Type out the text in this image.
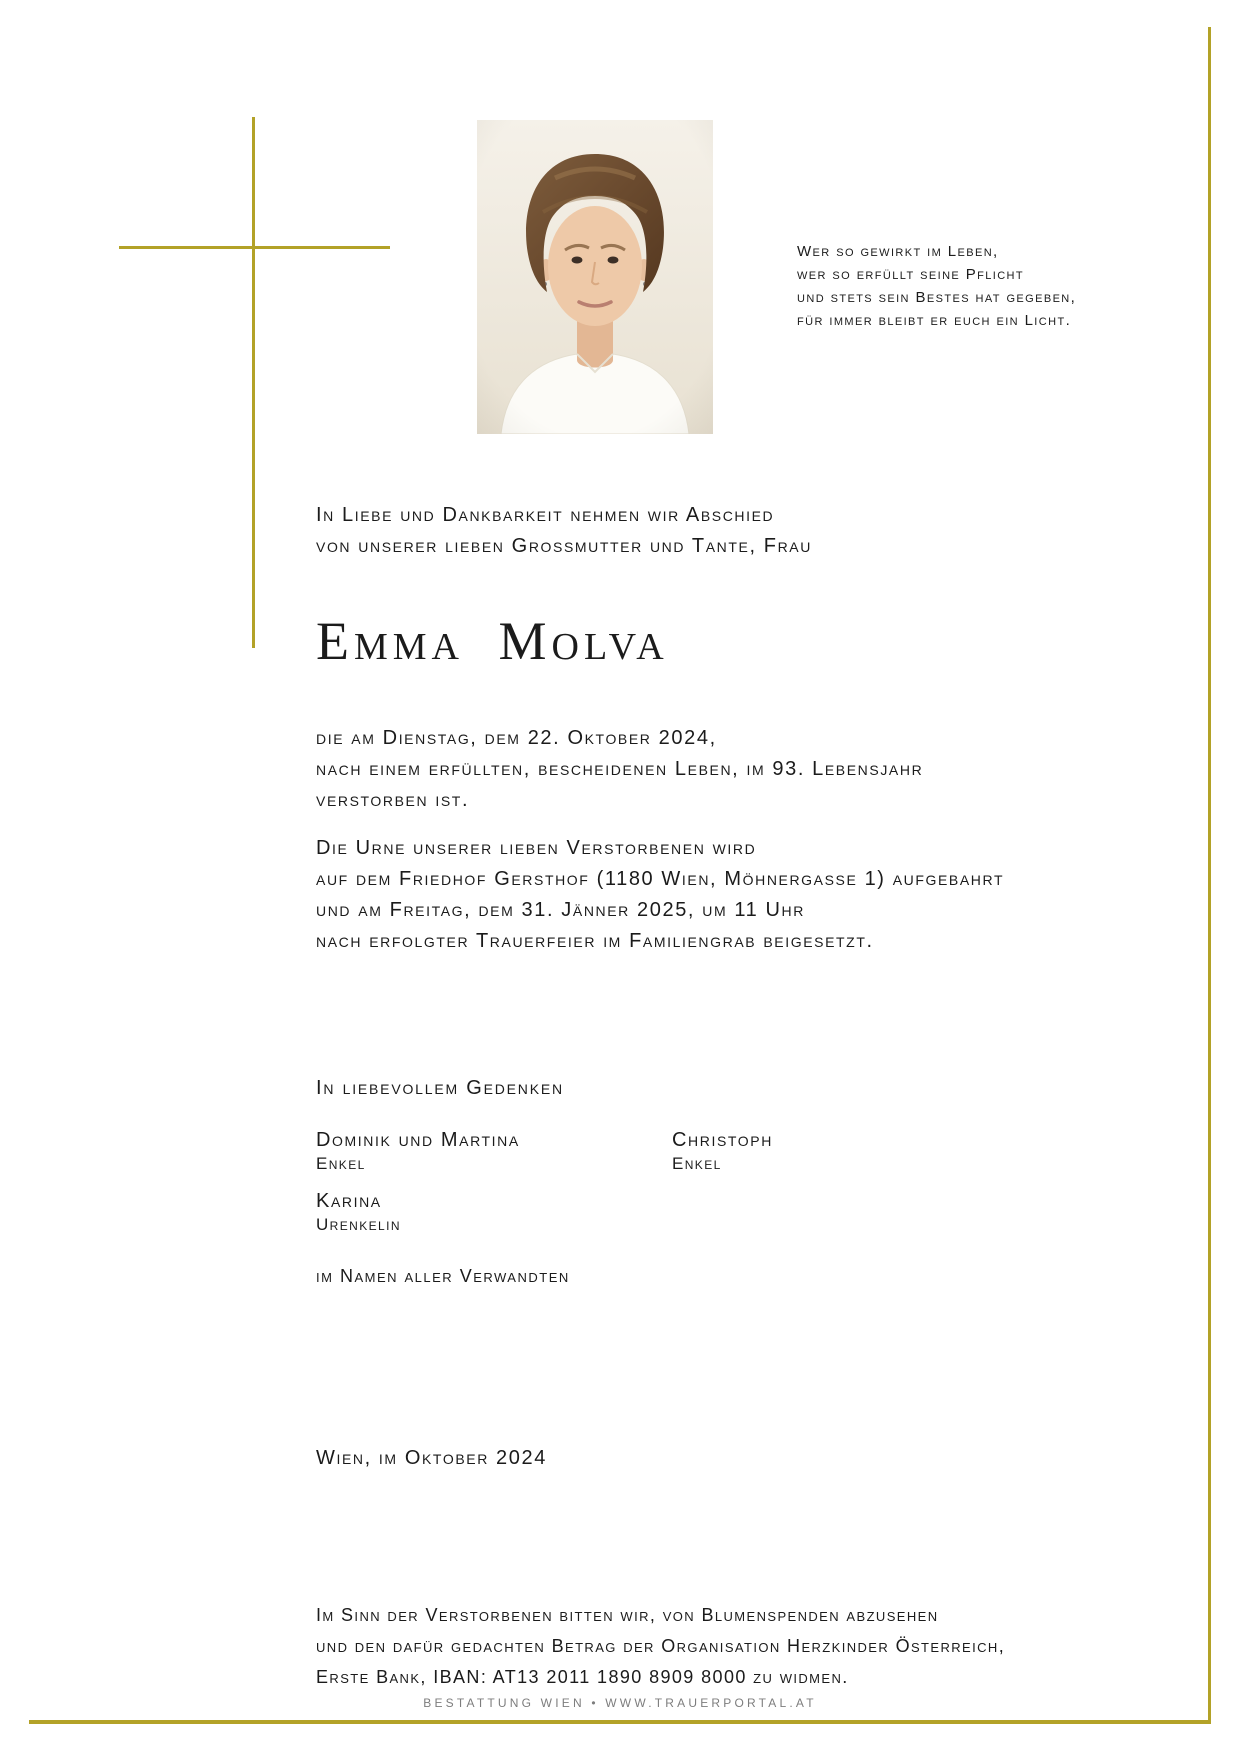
Wer so gewirkt im Leben,
wer so erfüllt seine Pflicht
und stets sein Bestes hat gegeben,
für immer bleibt er euch ein Licht.
In Liebe und Dankbarkeit nehmen wir Abschied
von unserer lieben Grossmutter und Tante, Frau
Emma Molva
die am Dienstag, dem 22. Oktober 2024,
nach einem erfüllten, bescheidenen Leben, im 93. Lebensjahr
verstorben ist.
Die Urne unserer lieben Verstorbenen wird
auf dem Friedhof Gersthof (1180 Wien, Möhnergasse 1) aufgebahrt
und am Freitag, dem 31. Jänner 2025, um 11 Uhr
nach erfolgter Trauerfeier im Familiengrab beigesetzt.
In liebevollem Gedenken
Dominik und Martina
Enkel
Christoph
Enkel
Karina
Urenkelin
im Namen aller Verwandten
Wien, im Oktober 2024
Im Sinn der Verstorbenen bitten wir, von Blumenspenden abzusehen
und den dafür gedachten Betrag der Organisation Herzkinder Österreich,
Erste Bank, IBAN: AT13 2011 1890 8909 8000 zu widmen.
BESTATTUNG WIEN • WWW.TRAUERPORTAL.AT
